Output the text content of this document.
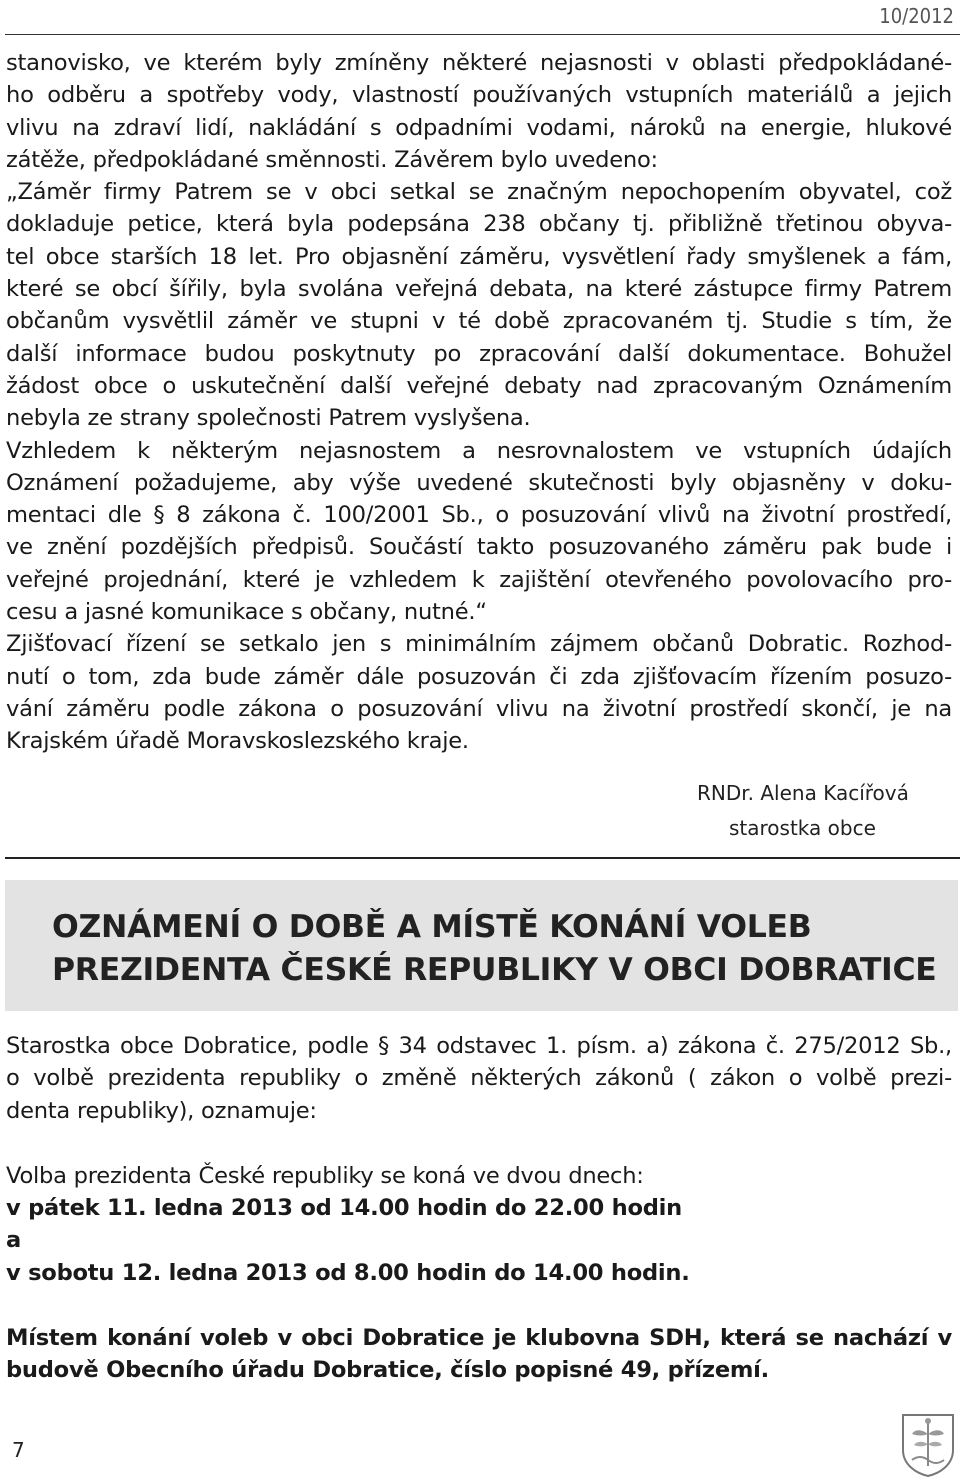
10/2012

stanovisko, ve kterém byly zmíněny některé nejasnosti v oblasti předpokládané-

ho odběru a spotřeby vody, vlastností používaných vstupních materiálů a jejich

vlivu na zdraví lidí, nakládání s odpadními vodami, nároků na energie, hlukové

zátěže, předpokládané směnnosti. Závěrem bylo uvedeno:

„Záměr firmy Patrem se v obci setkal se značným nepochopením obyvatel, což

dokladuje petice, která byla podepsána 238 občany tj. přibližně třetinou obyva-

tel obce starších 18 let. Pro objasnění záměru, vysvětlení řady smyšlenek a fám,

které se obcí šířily, byla svolána veřejná debata, na které zástupce firmy Patrem

občanům vysvětlil záměr ve stupni v té době zpracovaném tj. Studie s tím, že

další informace budou poskytnuty po zpracování další dokumentace. Bohužel

žádost obce o uskutečnění další veřejné debaty nad zpracovaným Oznámením

nebyla ze strany společnosti Patrem vyslyšena.

Vzhledem k některým nejasnostem a nesrovnalostem ve vstupních údajích

Oznámení požadujeme, aby výše uvedené skutečnosti byly objasněny v doku-

mentaci dle § 8 zákona č. 100/2001 Sb., o posuzování vlivů na životní prostředí,

ve znění pozdějších předpisů. Součástí takto posuzovaného záměru pak bude i

veřejné projednání, které je vzhledem k zajištění otevřeného povolovacího pro-

cesu a jasné komunikace s občany, nutné.“

Zjišťovací řízení se setkalo jen s minimálním zájmem občanů Dobratic. Rozhod-

nutí o tom, zda bude záměr dále posuzován či zda zjišťovacím řízením posuzo-

vání záměru podle zákona o posuzování vlivu na životní prostředí skončí, je na

Krajském úřadě Moravskoslezského kraje.

RNDr. Alena Kacířová
starostka obce
OZNÁMENÍ O DOBĚ A MÍSTĚ KONÁNÍ VOLEB
PREZIDENTA ČESKÉ REPUBLIKY V OBCI DOBRATICE

Starostka obce Dobratice, podle § 34 odstavec 1. písm. a) zákona č. 275/2012 Sb.,

o volbě prezidenta republiky o změně některých zákonů ( zákon o volbě prezi-

denta republiky), oznamuje:

Volba prezidenta České republiky se koná ve dvou dnech:

v pátek 11. ledna 2013 od 14.00 hodin do 22.00 hodin

a

v sobotu 12. ledna 2013 od 8.00 hodin do 14.00 hodin.

Místem konání voleb v obci Dobratice je klubovna SDH, která se nachází v

budově Obecního úřadu Dobratice, číslo popisné 49, přízemí.

7
